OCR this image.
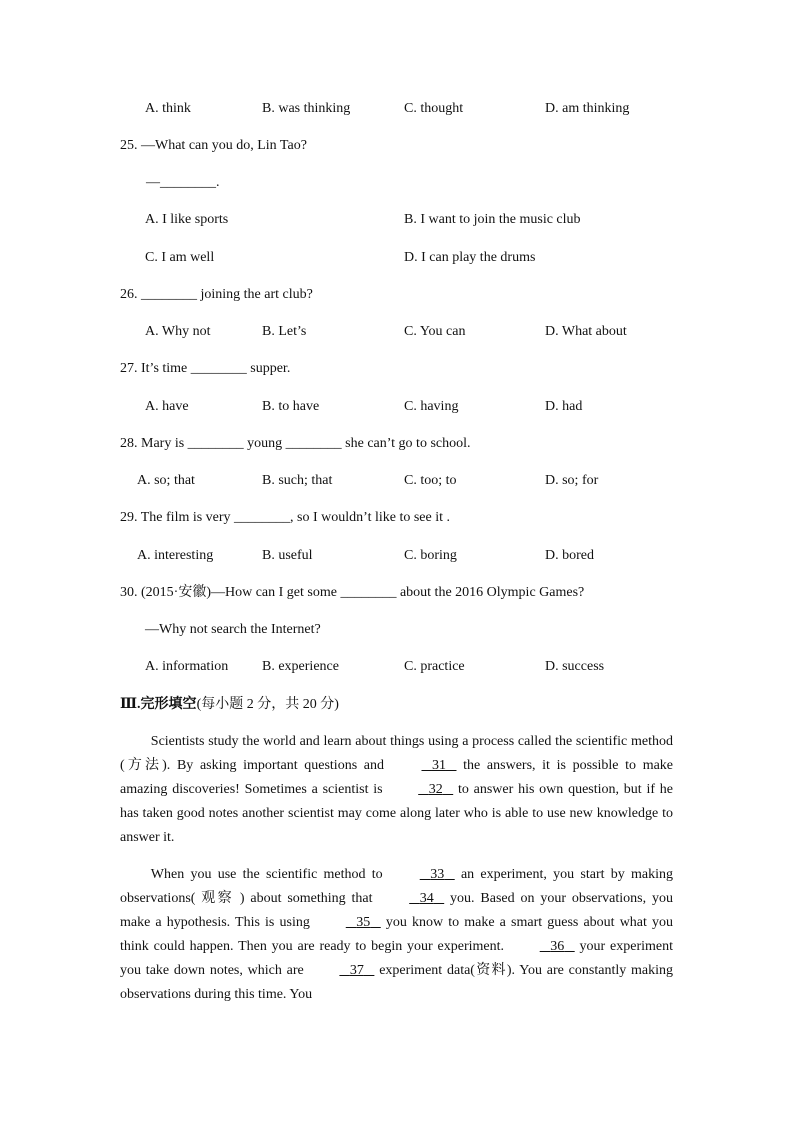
A. think	B. was thinking	C. thought	D. am thinking
25. —What can you do, Lin Tao?
—________.
A. I like sports	B. I want to join the music club
C. I am well	D. I can play the drums
26. ________ joining the art club?
A. Why not	B. Let’s	C. You can	D. What about
27. It’s time ________ supper.
A. have	B. to have	C. having	D. had
28. Mary is ________ young ________ she can’t go to school.
A. so; that	B. such; that	C. too; to	D. so; for
29. The film is very ________, so I wouldn’t like to see it .
A. interesting	B. useful	C. boring	D. bored
30. (2015·安徽)—How can I get some ________ about the 2016 Olympic Games?
—Why not search the Internet?
A. information B. experience	C. practice	D. success
Ⅲ.完形填空(每小题 2 分，共 20 分)

Scientists study the world and learn about things using a process called the scientific method (方法). By asking important questions and	31 the answers, it is possible to make amazing discoveries! Sometimes a scientist is	32 to answer his own question, but if he has taken good notes another scientist may come along later who is able to use new knowledge to answer it.

When you use the scientific method to	33 an experiment, you start by making observations( 观察 ) about something that	34 you. Based on your observations, you make a hypothesis. This is using	35 you know to make a smart guess about what you think could happen. Then you are ready to begin your experiment.	36 your experiment you take down notes, which are	37 experiment data(资料). You are constantly making observations during this time. You
